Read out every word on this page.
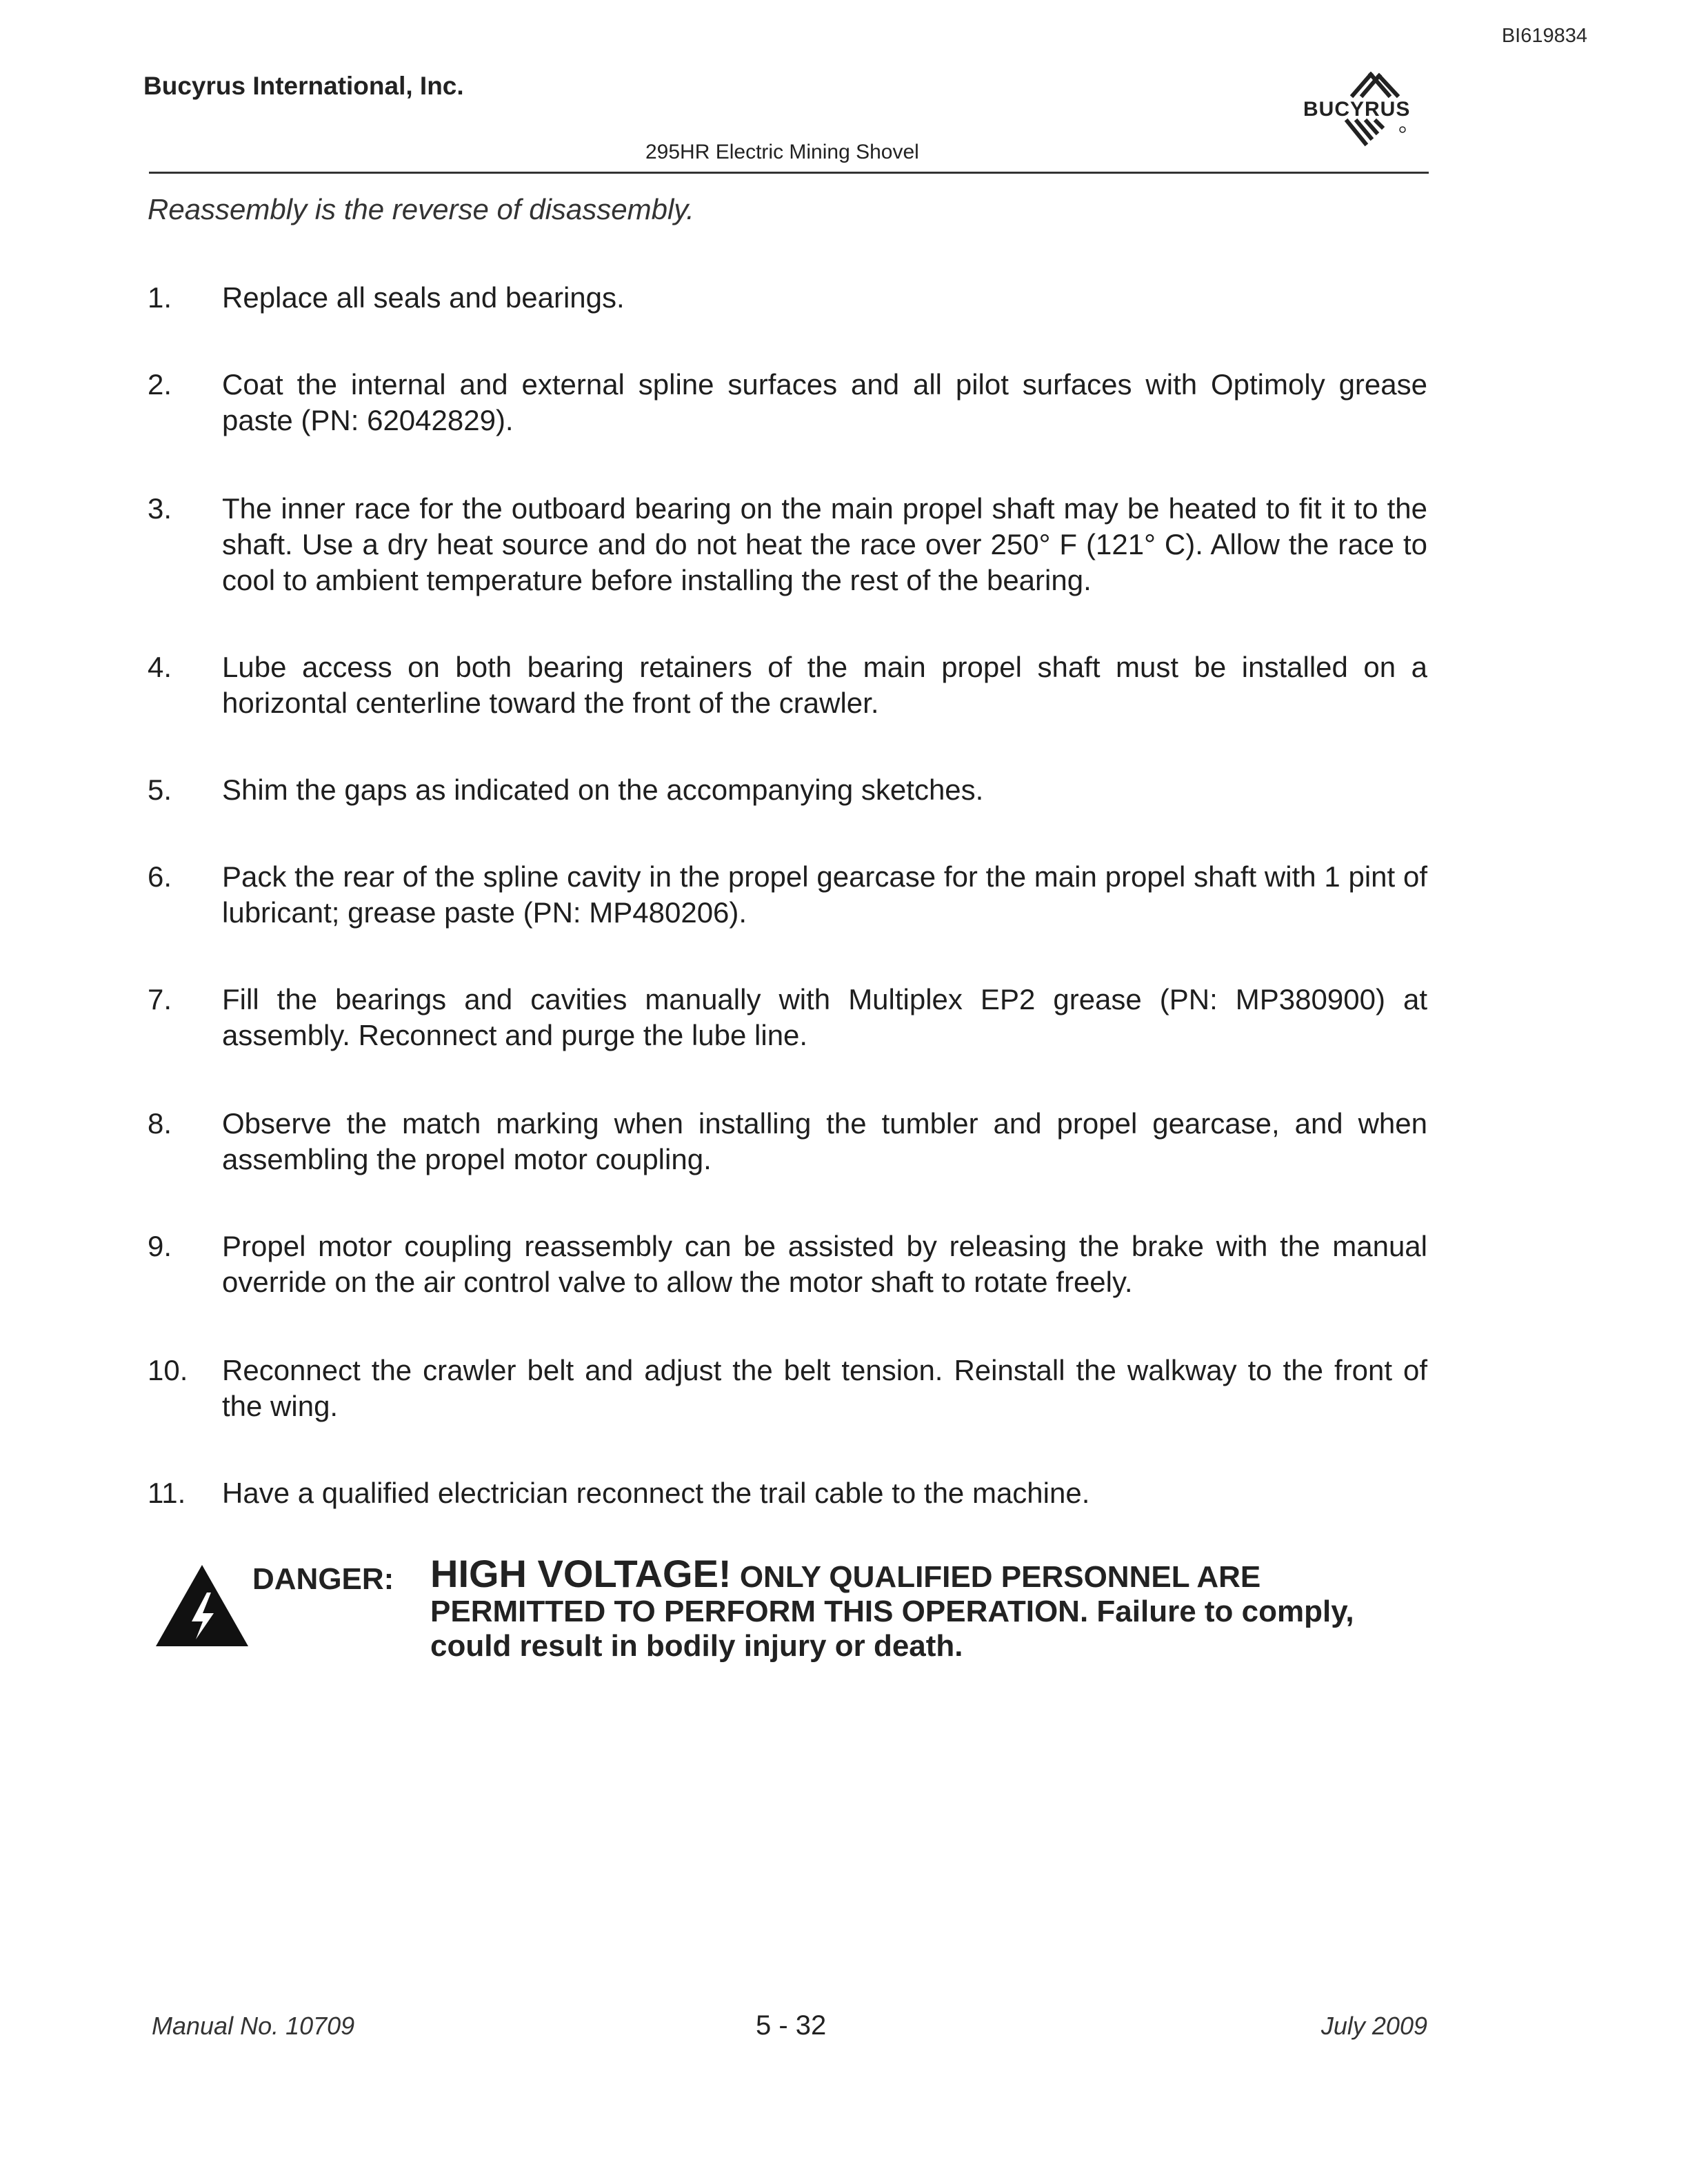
BI619834
Bucyrus International, Inc.
BUCYRUS
295HR Electric Mining Shovel
Reassembly is the reverse of disassembly.
1. Replace all seals and bearings.
2. Coat the internal and external spline surfaces and all pilot surfaces with Optimoly grease paste (PN: 62042829).
3. The inner race for the outboard bearing on the main propel shaft may be heated to fit it to the shaft. Use a dry heat source and do not heat the race over 250° F (121° C). Allow the race to cool to ambient temperature before installing the rest of the bearing.
4. Lube access on both bearing retainers of the main propel shaft must be installed on a horizontal centerline toward the front of the crawler.
5. Shim the gaps as indicated on the accompanying sketches.
6. Pack the rear of the spline cavity in the propel gearcase for the main propel shaft with 1 pint of lubricant; grease paste (PN: MP480206).
7. Fill the bearings and cavities manually with Multiplex EP2 grease (PN: MP380900) at assembly. Reconnect and purge the lube line.
8. Observe the match marking when installing the tumbler and propel gearcase, and when assembling the propel motor coupling.
9. Propel motor coupling reassembly can be assisted by releasing the brake with the manual override on the air control valve to allow the motor shaft to rotate freely.
10. Reconnect the crawler belt and adjust the belt tension. Reinstall the walkway to the front of the wing.
11. Have a qualified electrician reconnect the trail cable to the machine.
DANGER: HIGH VOLTAGE! ONLY QUALIFIED PERSONNEL ARE PERMITTED TO PERFORM THIS OPERATION. Failure to comply, could result in bodily injury or death.
Manual No. 10709	5 - 32	July 2009
